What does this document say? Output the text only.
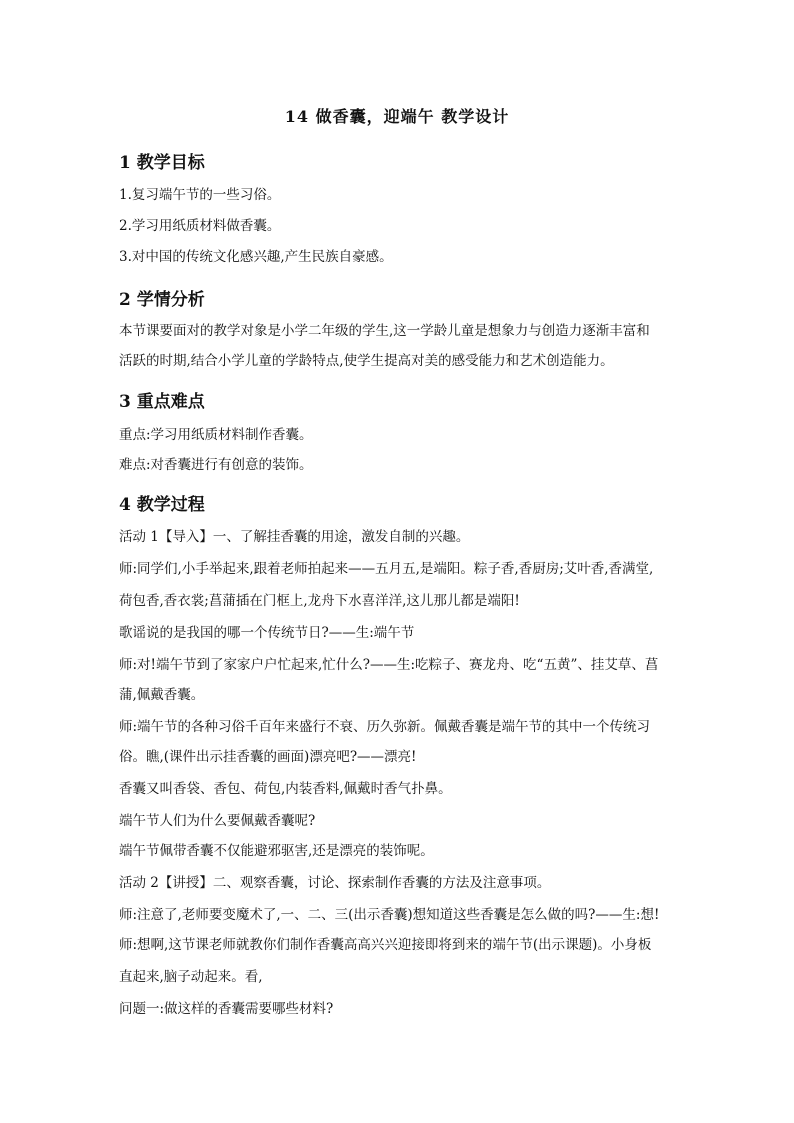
14 做香囊，迎端午 教学设计
1 教学目标
1.复习端午节的一些习俗。
2.学习用纸质材料做香囊。
3.对中国的传统文化感兴趣,产生民族自豪感。
2 学情分析
本节课要面对的教学对象是小学二年级的学生,这一学龄儿童是想象力与创造力逐渐丰富和
活跃的时期,结合小学儿童的学龄特点,使学生提高对美的感受能力和艺术创造能力。
3 重点难点
重点:学习用纸质材料制作香囊。
难点:对香囊进行有创意的装饰。
4 教学过程
活动 1【导入】一、了解挂香囊的用途，激发自制的兴趣。
师:同学们,小手举起来,跟着老师拍起来——五月五,是端阳。粽子香,香厨房;艾叶香,香满堂,
荷包香,香衣裳;菖蒲插在门框上,龙舟下水喜洋洋,这儿那儿都是端阳!
歌谣说的是我国的哪一个传统节日?——生:端午节
师:对!端午节到了家家户户忙起来,忙什么?——生:吃粽子、赛龙舟、吃“五黄”、挂艾草、菖
蒲,佩戴香囊。
师:端午节的各种习俗千百年来盛行不衰、历久弥新。佩戴香囊是端午节的其中一个传统习
俗。瞧,(课件出示挂香囊的画面)漂亮吧?——漂亮!
香囊又叫香袋、香包、荷包,内装香料,佩戴时香气扑鼻。
端午节人们为什么要佩戴香囊呢?
端午节佩带香囊不仅能避邪驱害,还是漂亮的装饰呢。
活动 2【讲授】二、观察香囊，讨论、探索制作香囊的方法及注意事项。
师:注意了,老师要变魔术了,一、二、三(出示香囊)想知道这些香囊是怎么做的吗?——生:想!
师:想啊,这节课老师就教你们制作香囊高高兴兴迎接即将到来的端午节(出示课题)。小身板
直起来,脑子动起来。看,
问题一:做这样的香囊需要哪些材料?
